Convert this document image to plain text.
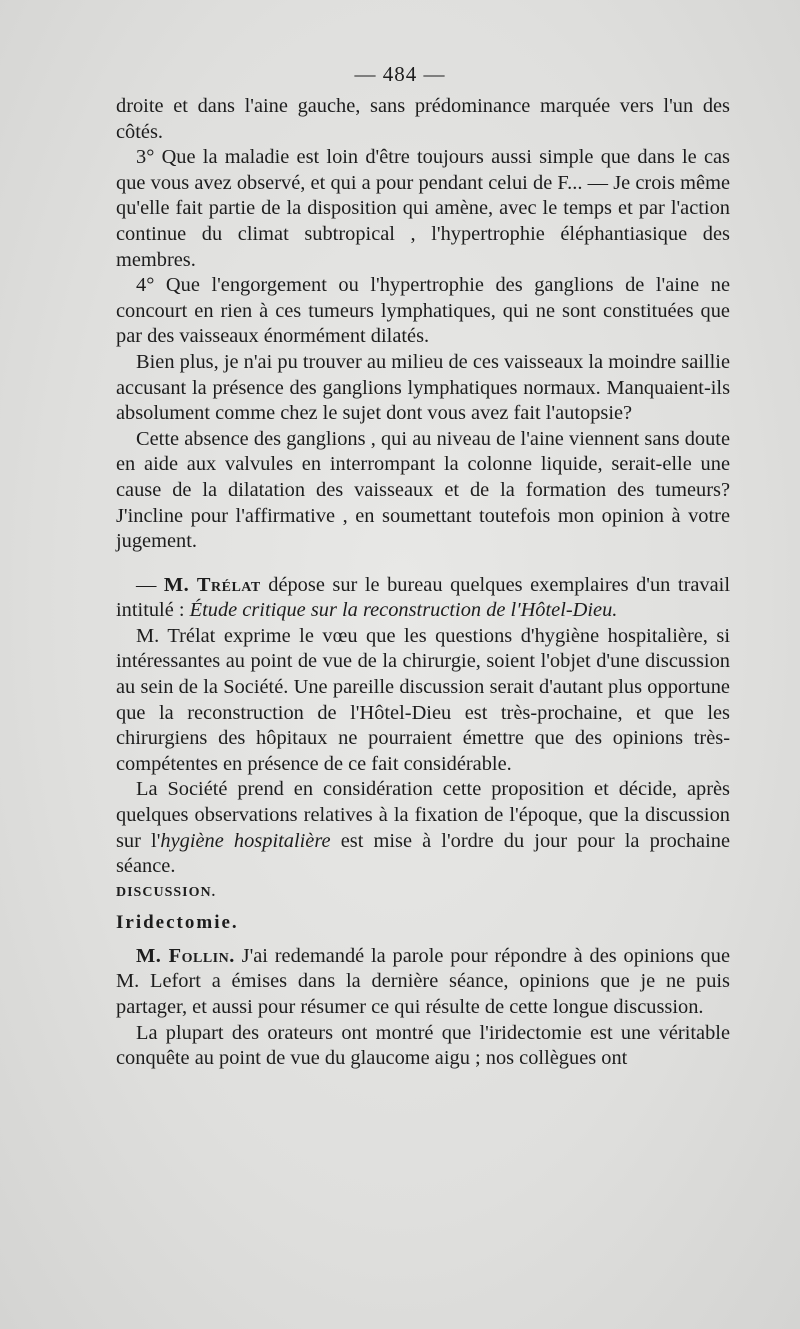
— 484 —

droite et dans l'aine gauche, sans prédominance marquée vers l'un des côtés.

3° Que la maladie est loin d'être toujours aussi simple que dans le cas que vous avez observé, et qui a pour pendant celui de F... — Je crois même qu'elle fait partie de la disposition qui amène, avec le temps et par l'action continue du climat subtropical , l'hypertrophie éléphantiasique des membres.

4° Que l'engorgement ou l'hypertrophie des ganglions de l'aine ne concourt en rien à ces tumeurs lymphatiques, qui ne sont constituées que par des vaisseaux énormément dilatés.

Bien plus, je n'ai pu trouver au milieu de ces vaisseaux la moindre saillie accusant la présence des ganglions lymphatiques normaux. Manquaient-ils absolument comme chez le sujet dont vous avez fait l'autopsie?

Cette absence des ganglions , qui au niveau de l'aine viennent sans doute en aide aux valvules en interrompant la colonne liquide, serait-elle une cause de la dilatation des vaisseaux et de la formation des tumeurs? J'incline pour l'affirmative , en soumettant toutefois mon opinion à votre jugement.

— M. Trélat dépose sur le bureau quelques exemplaires d'un travail intitulé : Étude critique sur la reconstruction de l'Hôtel-Dieu.

M. Trélat exprime le vœu que les questions d'hygiène hospitalière, si intéressantes au point de vue de la chirurgie, soient l'objet d'une discussion au sein de la Société. Une pareille discussion serait d'autant plus opportune que la reconstruction de l'Hôtel-Dieu est très-prochaine, et que les chirurgiens des hôpitaux ne pourraient émettre que des opinions très-compétentes en présence de ce fait considérable.

La Société prend en considération cette proposition et décide, après quelques observations relatives à la fixation de l'époque, que la discussion sur l'hygiène hospitalière est mise à l'ordre du jour pour la prochaine séance.

DISCUSSION.

Iridectomie.

M. Follin. J'ai redemandé la parole pour répondre à des opinions que M. Lefort a émises dans la dernière séance, opinions que je ne puis partager, et aussi pour résumer ce qui résulte de cette longue discussion.

La plupart des orateurs ont montré que l'iridectomie est une véritable conquête au point de vue du glaucome aigu ; nos collègues ont
